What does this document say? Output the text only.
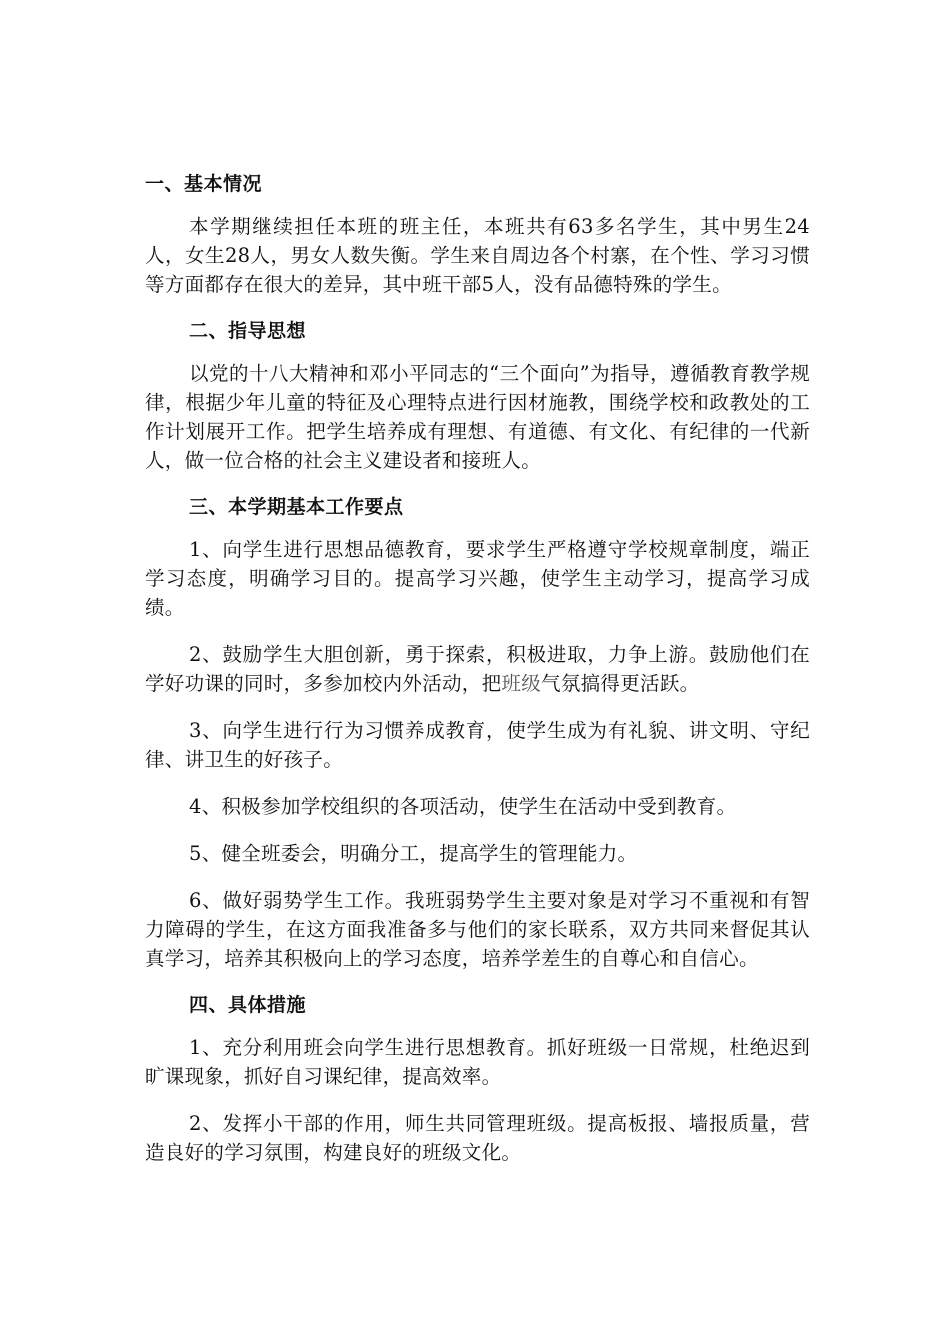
一、基本情况

本学期继续担任本班的班主任，本班共有63多名学生，其中男生24人，女生28人，男女人数失衡。学生来自周边各个村寨，在个性、学习习惯等方面都存在很大的差异，其中班干部5人，没有品德特殊的学生。

二、指导思想

以党的十八大精神和邓小平同志的“三个面向”为指导，遵循教育教学规律，根据少年儿童的特征及心理特点进行因材施教，围绕学校和政教处的工作计划展开工作。把学生培养成有理想、有道德、有文化、有纪律的一代新人，做一位合格的社会主义建设者和接班人。

三、本学期基本工作要点

1、向学生进行思想品德教育，要求学生严格遵守学校规章制度，端正学习态度，明确学习目的。提高学习兴趣，使学生主动学习，提高学习成绩。

2、鼓励学生大胆创新，勇于探索，积极进取，力争上游。鼓励他们在学好功课的同时，多参加校内外活动，把班级气氛搞得更活跃。

3、向学生进行行为习惯养成教育，使学生成为有礼貌、讲文明、守纪律、讲卫生的好孩子。

4、积极参加学校组织的各项活动，使学生在活动中受到教育。

5、健全班委会，明确分工，提高学生的管理能力。

6、做好弱势学生工作。我班弱势学生主要对象是对学习不重视和有智力障碍的学生，在这方面我准备多与他们的家长联系，双方共同来督促其认真学习，培养其积极向上的学习态度，培养学差生的自尊心和自信心。

四、具体措施

1、充分利用班会向学生进行思想教育。抓好班级一日常规，杜绝迟到旷课现象，抓好自习课纪律，提高效率。

2、发挥小干部的作用，师生共同管理班级。提高板报、墙报质量，营造良好的学习氛围，构建良好的班级文化。
